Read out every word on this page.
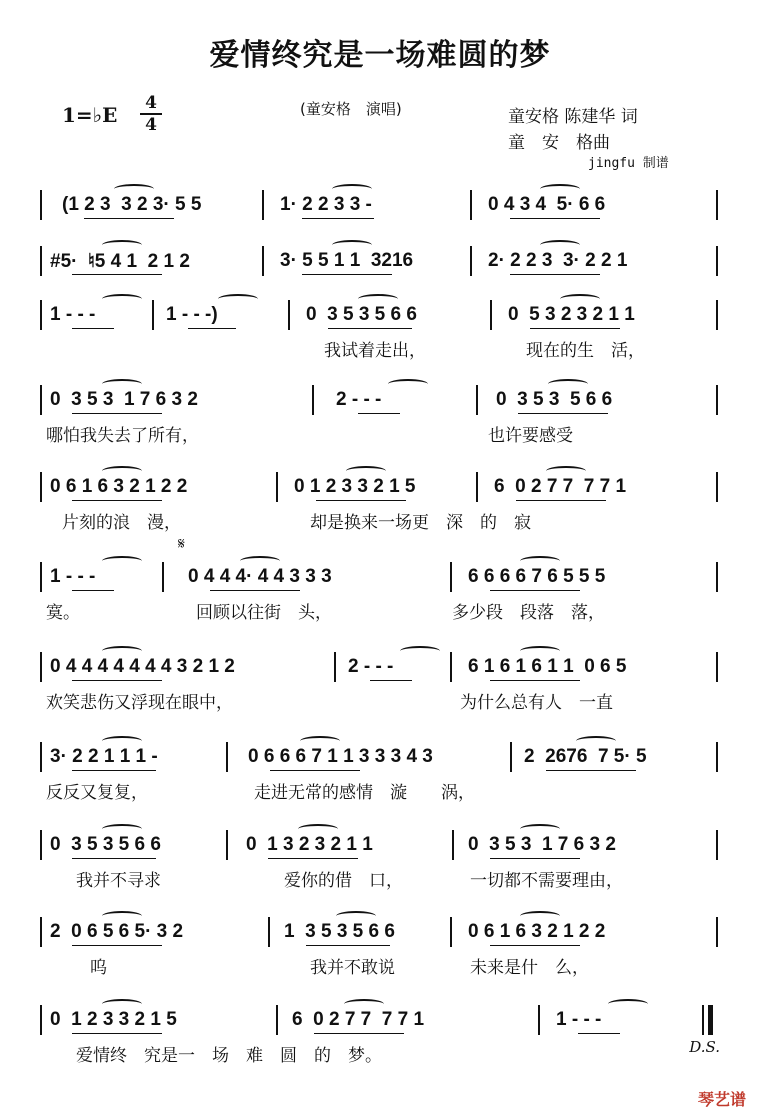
爱情终究是一场难圆的梦
1=♭E 4
4
(童安格　演唱)	童安格 陈建华 词
童　安　格曲
jingfu 制谱
(1 2 3  3 2 3· 5 5	1· 2 2 3 3 -	0 4 3 4  5· 6 6
#5·  ♮5 4 1  2 1 2	3· 5 5 1 1  3216	2· 2 2 3  3· 2 2 1
1 - - -	1 - - -)	0  3 5 3 5 6 6	0  5 3 2 3 2 1 1
我试着走出，	现在的生　活，
0  3 5 3  1 7 6 3 2	2 - - -	0  3 5 3  5 6 6
哪怕我失去了所有，	也许要感受
0 6 1 6 3 2 1 2 2	0 1 2 3 3 2 1 5	6  0 2 7 7  7 7 1
片刻的浪　漫，	却是换来一场更　深　的　寂
1 - - -	0 4 4 4· 4 4 3 3 3	6 6 6 6 7 6 5 5 5
寞。	回顾以往街　头，	多少段　段落　落，
0 4 4 4 4 4 4 4 3 2 1 2	2 - - -	6 1 6 1 6 1 1  0 6 5
欢笑悲伤又浮现在眼中，	为什么总有人　一直
3· 2 2 1 1 1 -	0 6 6 6 7 1 1 3 3 3 4 3	2  2676  7 5· 5
反反又复复，	走进无常的感情　漩　　涡，
0  3 5 3 5 6 6	0  1 3 2 3 2 1 1	0  3 5 3  1 7 6 3 2
我并不寻求	爱你的借　口，	一切都不需要理由，
2  0 6 5 6 5· 3 2	1  3 5 3 5 6 6	0 6 1 6 3 2 1 2 2
呜	我并不敢说	未来是什　么，
0  1 2 3 3 2 1 5	6  0 2 7 7  7 7 1	1 - - -
爱情终　究是一　场　难　圆　的　梦。
𝄋
D.S.
琴艺谱
